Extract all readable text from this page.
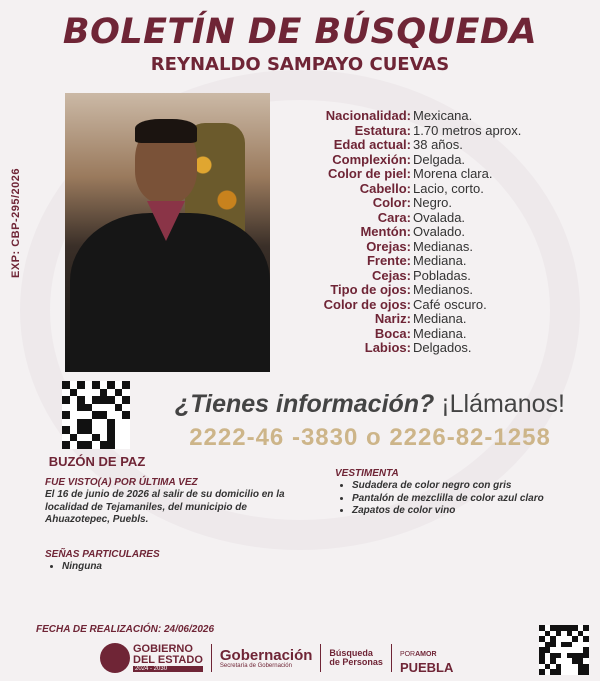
BOLETÍN DE BÚSQUEDA
REYNALDO SAMPAYO CUEVAS
EXP: CBP-295/2026
Nacionalidad: Mexicana.
Estatura: 1.70 metros aprox.
Edad actual: 38 años.
Complexión: Delgada.
Color de piel: Morena clara.
Cabello: Lacio, corto.
Color: Negro.
Cara: Ovalada.
Mentón: Ovalado.
Orejas: Medianas.
Frente: Mediana.
Cejas: Pobladas.
Tipo de ojos: Medianos.
Color de ojos: Café oscuro.
Nariz: Mediana.
Boca: Mediana.
Labios: Delgados.
BUZÓN DE PAZ
¿Tienes información? ¡Llámanos!
2222-46 -3830 o 2226-82-1258
FUE VISTO(A) POR ÚLTIMA VEZ
El 16 de junio de 2026 al salir de su domicilio en la localidad de Tejamaniles, del municipio de Ahuazotepec, Puebls.
VESTIMENTA
• Sudadera de color negro con gris
• Pantalón de mezclilla de color azul claro
• Zapatos de color vino
SEÑAS PARTICULARES
• Ninguna
FECHA DE REALIZACIÓN: 24/06/2026
GOBIERNO
DEL ESTADO
2024 - 2030
Gobernación
Secretaría de Gobernación
Búsqueda
de Personas
PORAMOR
PUEBLA
